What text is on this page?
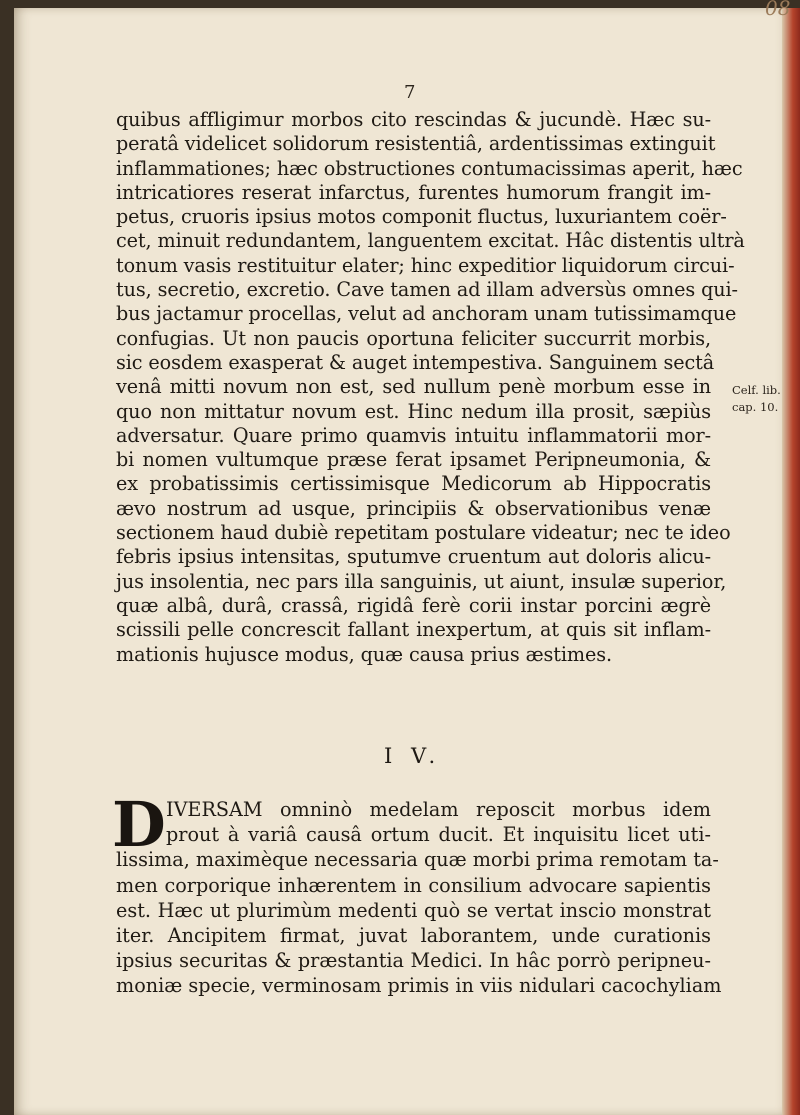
08
7
quibus affligimur morbos cito rescindas & jucundè. Hæc su-
peratâ videlicet solidorum resistentiâ, ardentissimas extinguit
inflammationes; hæc obstructiones contumacissimas aperit, hæc
intricatiores reserat infarctus, furentes humorum frangit im-
petus, cruoris ipsius motos componit fluctus, luxuriantem coër-
cet, minuit redundantem, languentem excitat. Hâc distentis ultrà
tonum vasis restituitur elater; hinc expeditior liquidorum circui-
tus, secretio, excretio. Cave tamen ad illam adversùs omnes qui-
bus jactamur procellas, velut ad anchoram unam tutissimamque
confugias. Ut non paucis oportuna feliciter succurrit morbis,
sic eosdem exasperat & auget intempestiva. Sanguinem sectâ
venâ mitti novum non est, sed nullum penè morbum esse in
quo non mittatur novum est. Hinc nedum illa prosit, sæpiùs
adversatur. Quare primo quamvis intuitu inflammatorii mor-
bi nomen vultumque præse ferat ipsamet Peripneumonia, &
ex probatissimis certissimisque Medicorum ab Hippocratis
ævo nostrum ad usque, principiis & observationibus venæ
sectionem haud dubiè repetitam postulare videatur; nec te ideo
febris ipsius intensitas, sputumve cruentum aut doloris alicu-
jus insolentia, nec pars illa sanguinis, ut aiunt, insulæ superior,
quæ albâ, durâ, crassâ, rigidâ ferè corii instar porcini ægrè
scissili pelle concrescit fallant inexpertum, at quis sit inflam-
mationis hujusce modus, quæ causa prius æstimes.
Celf. lib.
cap. 10.
I V.
D IVERSAM omninò medelam reposcit morbus idem
prout à variâ causâ ortum ducit. Et inquisitu licet uti-
lissima, maximèque necessaria quæ morbi prima remotam ta-
men corporique inhærentem in consilium advocare sapientis
est. Hæc ut plurimùm medenti quò se vertat inscio monstrat
iter. Ancipitem firmat, juvat laborantem, unde curationis
ipsius securitas & præstantia Medici. In hâc porrò peripneu-
moniæ specie, verminosam primis in viis nidulari cacochyliam
